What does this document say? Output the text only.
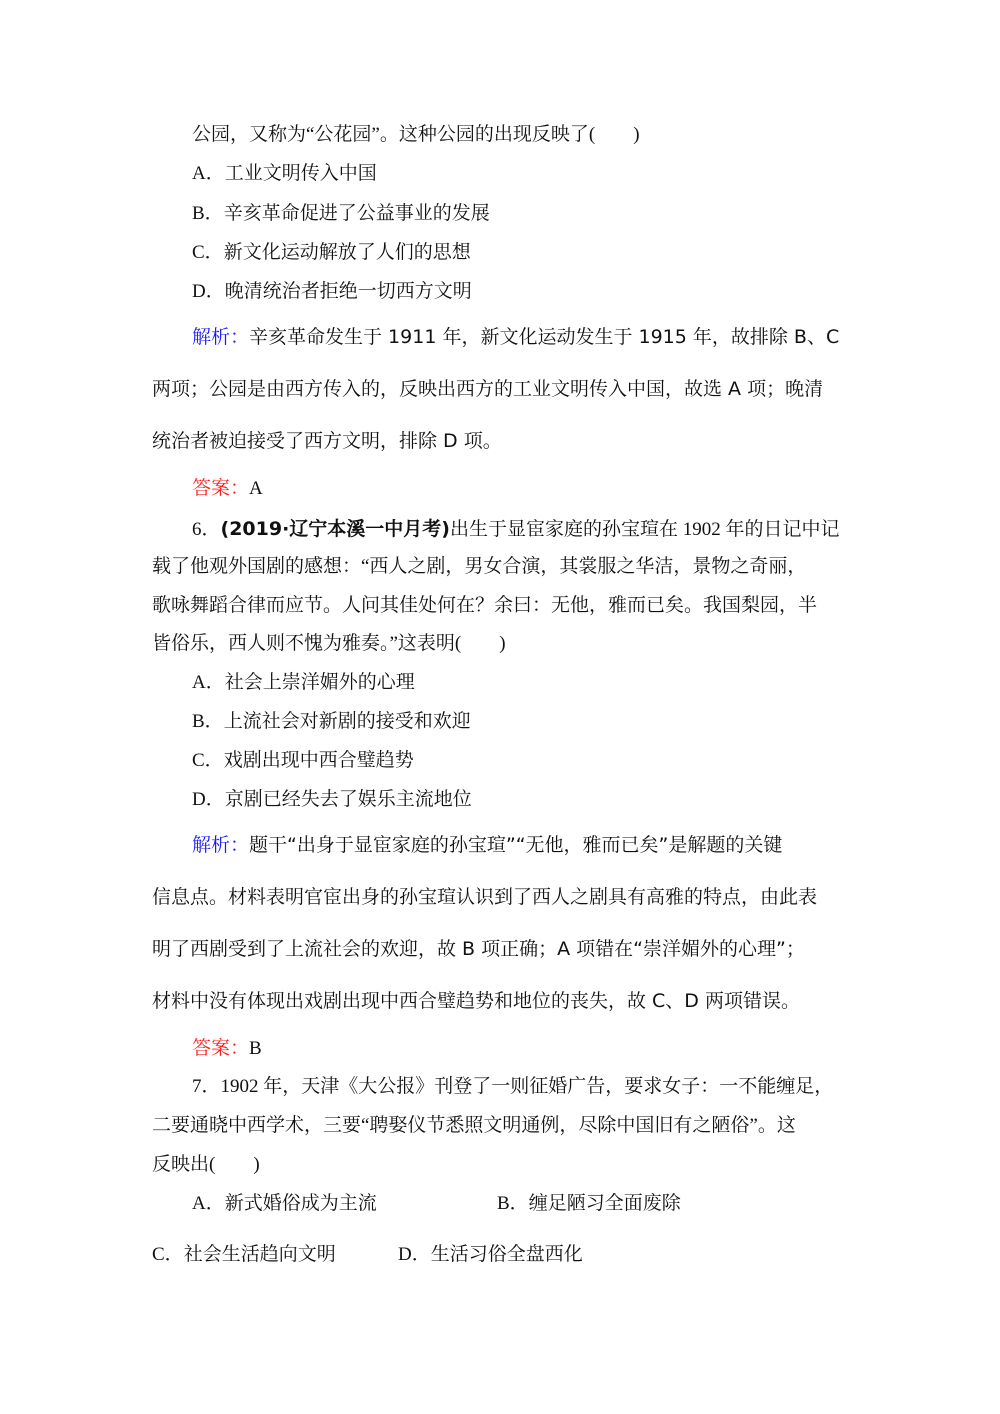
公园，又称为“公花园”。这种公园的出现反映了(　　)
A．工业文明传入中国
B．辛亥革命促进了公益事业的发展
C．新文化运动解放了人们的思想
D．晚清统治者拒绝一切西方文明
解析：辛亥革命发生于 1911 年，新文化运动发生于 1915 年，故排除 B、C
两项；公园是由西方传入的，反映出西方的工业文明传入中国，故选 A 项；晚清
统治者被迫接受了西方文明，排除 D 项。
答案：A
6．(2019·辽宁本溪一中月考)出生于显宦家庭的孙宝瑄在 1902 年的日记中记
载了他观外国剧的感想：“西人之剧，男女合演，其裳服之华洁，景物之奇丽，
歌咏舞蹈合律而应节。人问其佳处何在？余曰：无他，雅而已矣。我国梨园，半
皆俗乐，西人则不愧为雅奏。”这表明(　　)
A．社会上崇洋媚外的心理
B．上流社会对新剧的接受和欢迎
C．戏剧出现中西合璧趋势
D．京剧已经失去了娱乐主流地位
解析：题干“出身于显宦家庭的孙宝瑄”“无他，雅而已矣”是解题的关键
信息点。材料表明官宦出身的孙宝瑄认识到了西人之剧具有高雅的特点，由此表
明了西剧受到了上流社会的欢迎，故 B 项正确；A 项错在“崇洋媚外的心理”；
材料中没有体现出戏剧出现中西合璧趋势和地位的丧失，故 C、D 两项错误。
答案：B
7．1902 年，天津《大公报》刊登了一则征婚广告，要求女子：一不能缠足，
二要通晓中西学术，三要“聘娶仪节悉照文明通例，尽除中国旧有之陋俗”。这
反映出(　　)
A．新式婚俗成为主流	B．缠足陋习全面废除
C．社会生活趋向文明	D．生活习俗全盘西化
